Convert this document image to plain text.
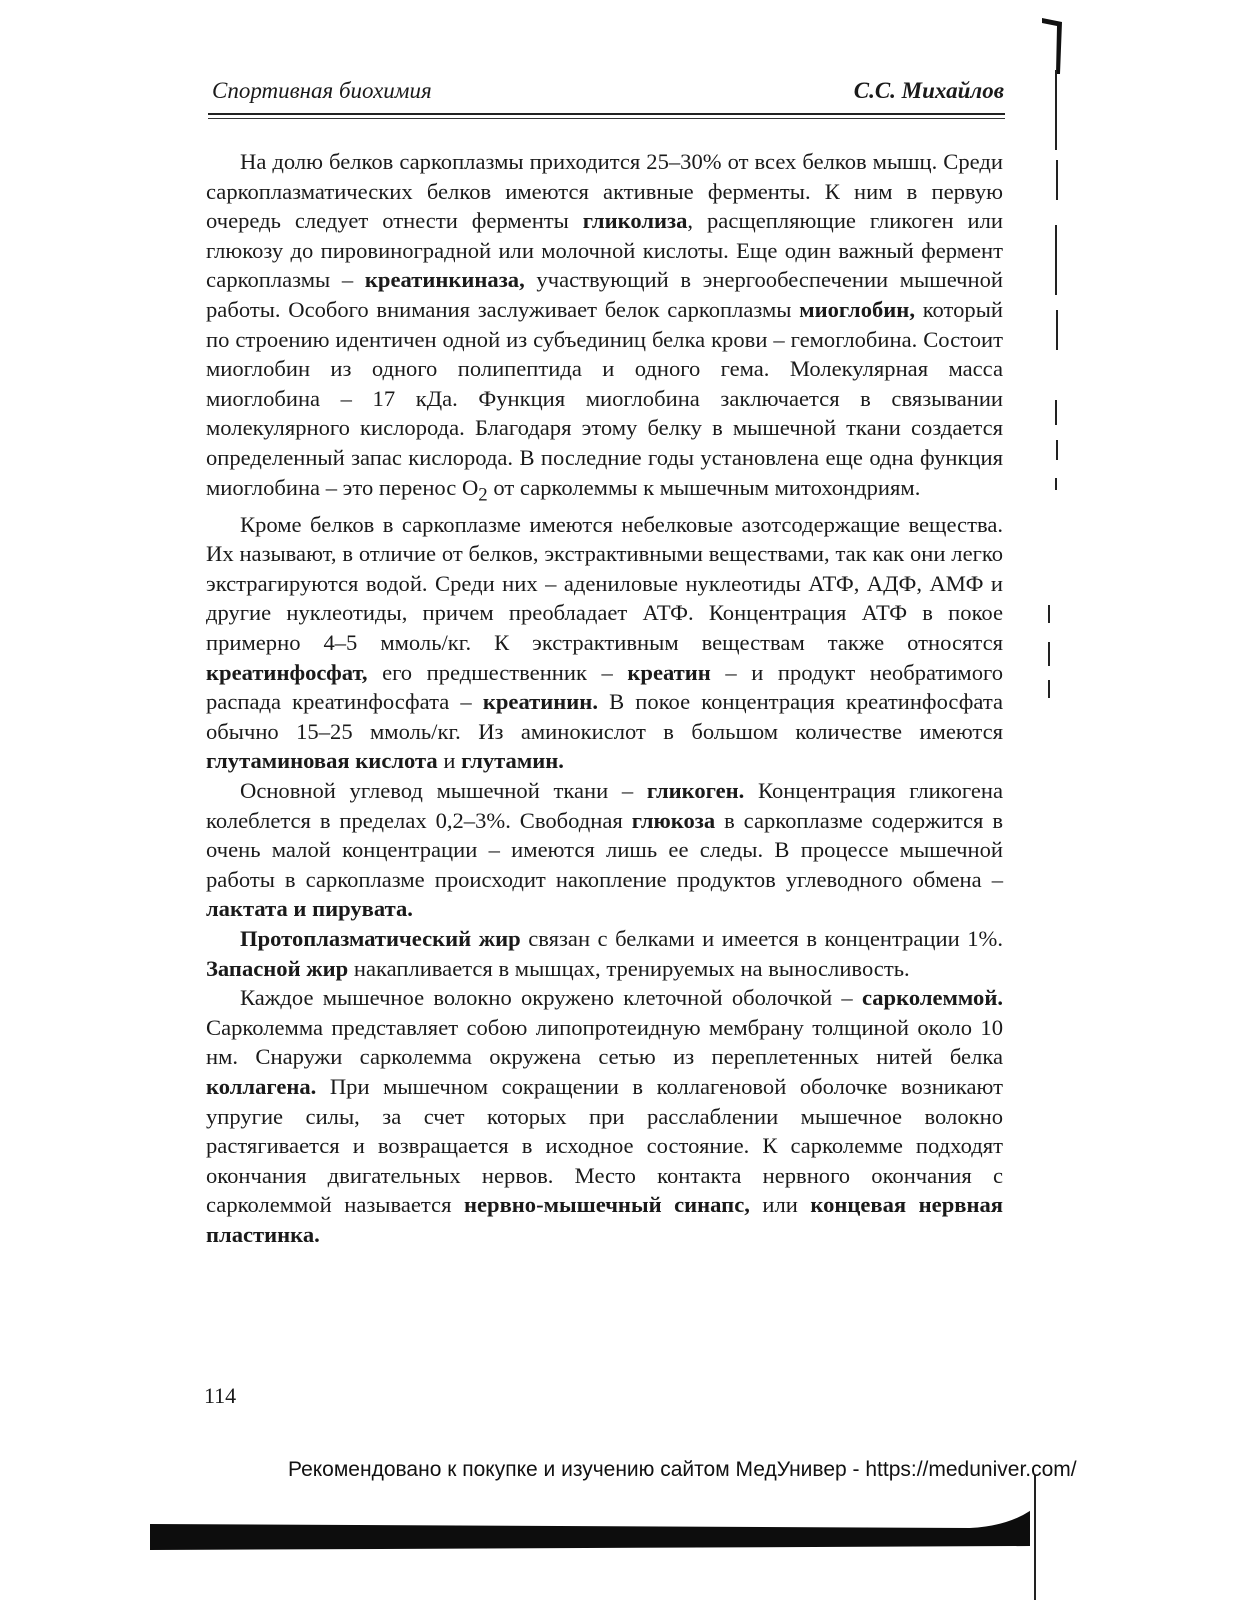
Спортивная биохимия	С.С. Михайлов

На долю белков саркоплазмы приходится 25–30% от всех белков мышц. Среди саркоплазматических белков имеются активные ферменты. К ним в первую очередь следует отнести ферменты гликолиза, расщепляющие гликоген или глюкозу до пировиноградной или молочной кислоты. Еще один важный фермент саркоплазмы – креатинкиназа, участвующий в энергообеспечении мышечной работы. Особого внимания заслуживает белок саркоплазмы миоглобин, который по строению идентичен одной из субъединиц белка крови – гемоглобина. Состоит миоглобин из одного полипептида и одного гема. Молекулярная масса миоглобина – 17 кДа. Функция миоглобина заключается в связывании молекулярного кислорода. Благодаря этому белку в мышечной ткани создается определенный запас кислорода. В последние годы установлена еще одна функция миоглобина – это перенос $O_2$ от сарколеммы к мышечным митохондриям.

Кроме белков в саркоплазме имеются небелковые азотсодержащие вещества. Их называют, в отличие от белков, экстрактивными веществами, так как они легко экстрагируются водой. Среди них – адениловые нуклеотиды АТФ, АДФ, АМФ и другие нуклеотиды, причем преобладает АТФ. Концентрация АТФ в покое примерно 4–5 ммоль/кг. К экстрактивным веществам также относятся креатинфосфат, его предшественник – креатин – и продукт необратимого распада креатинфосфата – креатинин. В покое концентрация креатинфосфата обычно 15–25 ммоль/кг. Из аминокислот в большом количестве имеются глутаминовая кислота и глутамин.

Основной углевод мышечной ткани – гликоген. Концентрация гликогена колеблется в пределах 0,2–3%. Свободная глюкоза в саркоплазме содержится в очень малой концентрации – имеются лишь ее следы. В процессе мышечной работы в саркоплазме происходит накопление продуктов углеводного обмена – лактата и пирувата.

Протоплазматический жир связан с белками и имеется в концентрации 1%. Запасной жир накапливается в мышцах, тренируемых на выносливость.

Каждое мышечное волокно окружено клеточной оболочкой – сарколеммой. Сарколемма представляет собою липопротеидную мембрану толщиной около 10 нм. Снаружи сарколемма окружена сетью из переплетенных нитей белка коллагена. При мышечном сокращении в коллагеновой оболочке возникают упругие силы, за счет которых при расслаблении мышечное волокно растягивается и возвращается в исходное состояние. К сарколемме подходят окончания двигательных нервов. Место контакта нервного окончания с сарколеммой называется нервно-мышечный синапс, или концевая нервная пластинка.

114
Рекомендовано к покупке и изучению сайтом МедУнивер - https://meduniver.com/
